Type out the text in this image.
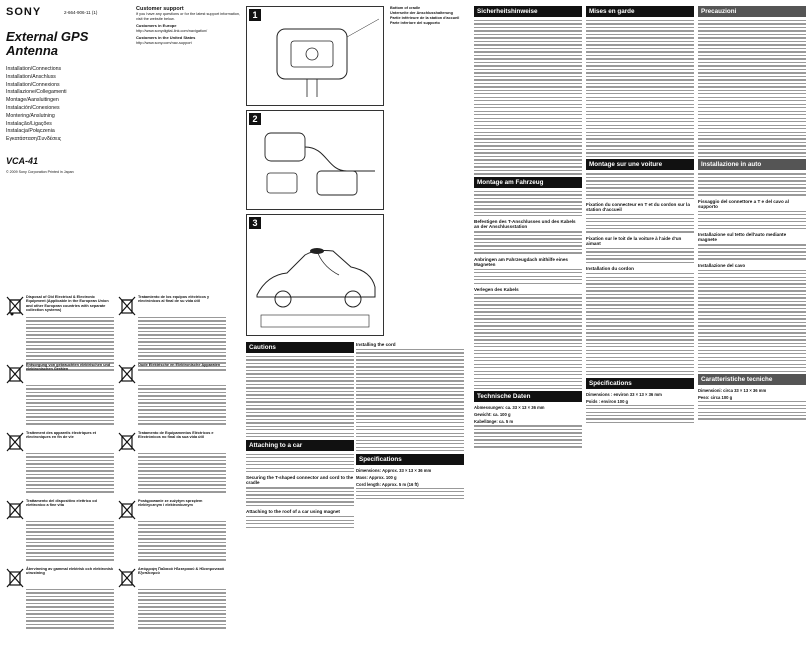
SONY	2-664-906-11 (1)
External GPS
Antenna
Installation/Connections
Installation/Anschluss
Installation/Connexions
Installazione/Collegamenti
Montage/Aansluitingen
Instalación/Conexiones
Montering/Anslutning
Instalação/Ligações
Instalacja/Połączenia
Εγκατάσταση/Συνδέσεις
VCA-41
© 2009 Sony Corporation Printed in Japan
Customer support

If you have any questions or for the latest support information, visit the website below.

Customers in Europe

http://www.sonydigital-link.com/navigation/

Customers in the United States

http://www.sony.com/nav-support

Disposal of Old Electrical & Electronic Equipment (Applicable in the European Union and other European countries with separate collection systems)
Tratamiento de los equipos eléctricos y electrónicos al final de su vida útil
Entsorgung von gebrauchten elektrischen und elektronischen Geräten
Oude Elektrische en Elektronische Apparaten
Traitement des appareils électriques et électroniques en fin de vie
Tratamento de Equipamentos Eléctricos e Electrónicos no final da sua vida útil
Trattamento del dispositivo elettrico od elettronico a fine vita
Postępowanie ze zużytym sprzętem elektrycznym i elektronicznym
Återvinning av gammal elektrisk och elektronisk utrustning
Απόρριψη Παλαιού Ηλεκτρικού & Ηλεκτρονικού Εξοπλισμού
1
Bottom of cradle
Unterseite der Anschlusshalterung
Partie inférieure de la station d'accueil
Parte inferiore del supporto
2
3
Cautions
Attaching to a car
Securing the T-shaped connector and cord to the cradle
Attaching to the roof of a car using magnet
Installing the cord
Specifications
Dimensions: Approx. 33 × 13 × 36 mm
Mass: Approx. 100 g
Cord length: Approx. 5 m (16 ft)
Sicherheitshinweise
Montage am Fahrzeug
Befestigen des T-Anschlusses und des Kabels an der Anschlussstation
Anbringen am Fahrzeugdach mithilfe eines Magneten
Verlegen des Kabels
Technische Daten
Abmessungen: ca. 33 × 13 × 36 mm
Gewicht: ca. 100 g
Kabellänge: ca. 5 m
Mises en garde
Montage sur une voiture
Fixation du connecteur en T et du cordon sur la station d'accueil
Fixation sur le toit de la voiture à l'aide d'un aimant
Installation du cordon
Spécifications
Dimensions : environ 33 × 13 × 36 mm
Poids : environ 100 g
Precauzioni
Installazione in auto
Fissaggio del connettore a T e del cavo al supporto
Installazione sul tetto dell'auto mediante magnete
Installazione del cavo
Caratteristiche tecniche
Dimensioni: circa 33 × 13 × 36 mm
Peso: circa 100 g
